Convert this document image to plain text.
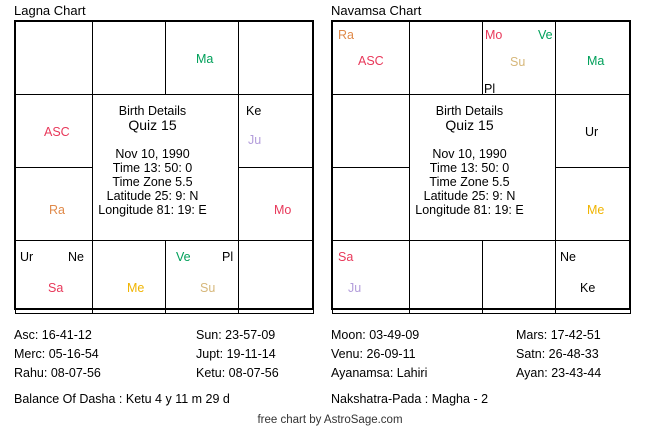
Lagna Chart
Birth Details
Quiz 15
Nov 10, 1990
Time 13: 50: 0
Time Zone 5.5
Latitude 25: 9: N
Longitude 81: 19: E
Ma
ASC
Ke
Ju
Ra	Mo
Ur	Ne
Sa	Me
Ve	Pl
Su
Navamsa Chart
Birth Details
Quiz 15
Nov 10, 1990
Time 13: 50: 0
Time Zone 5.5
Latitude 25: 9: N
Longitude 81: 19: E
Ra
ASC
Mo	Ve
Su
Pl
Ma
Ur
Me
Sa
Ju
Ne
Ke
Asc: 16-41-12	Sun: 23-57-09	Moon: 03-49-09	Mars: 17-42-51
Merc: 05-16-54	Jupt: 19-11-14	Venu: 26-09-11	Satn: 26-48-33
Rahu: 08-07-56	Ketu: 08-07-56	Ayanamsa: Lahiri	Ayan: 23-43-44
Balance Of Dasha : Ketu 4 y 11 m 29 d	Nakshatra-Pada : Magha - 2
free chart by AstroSage.com
